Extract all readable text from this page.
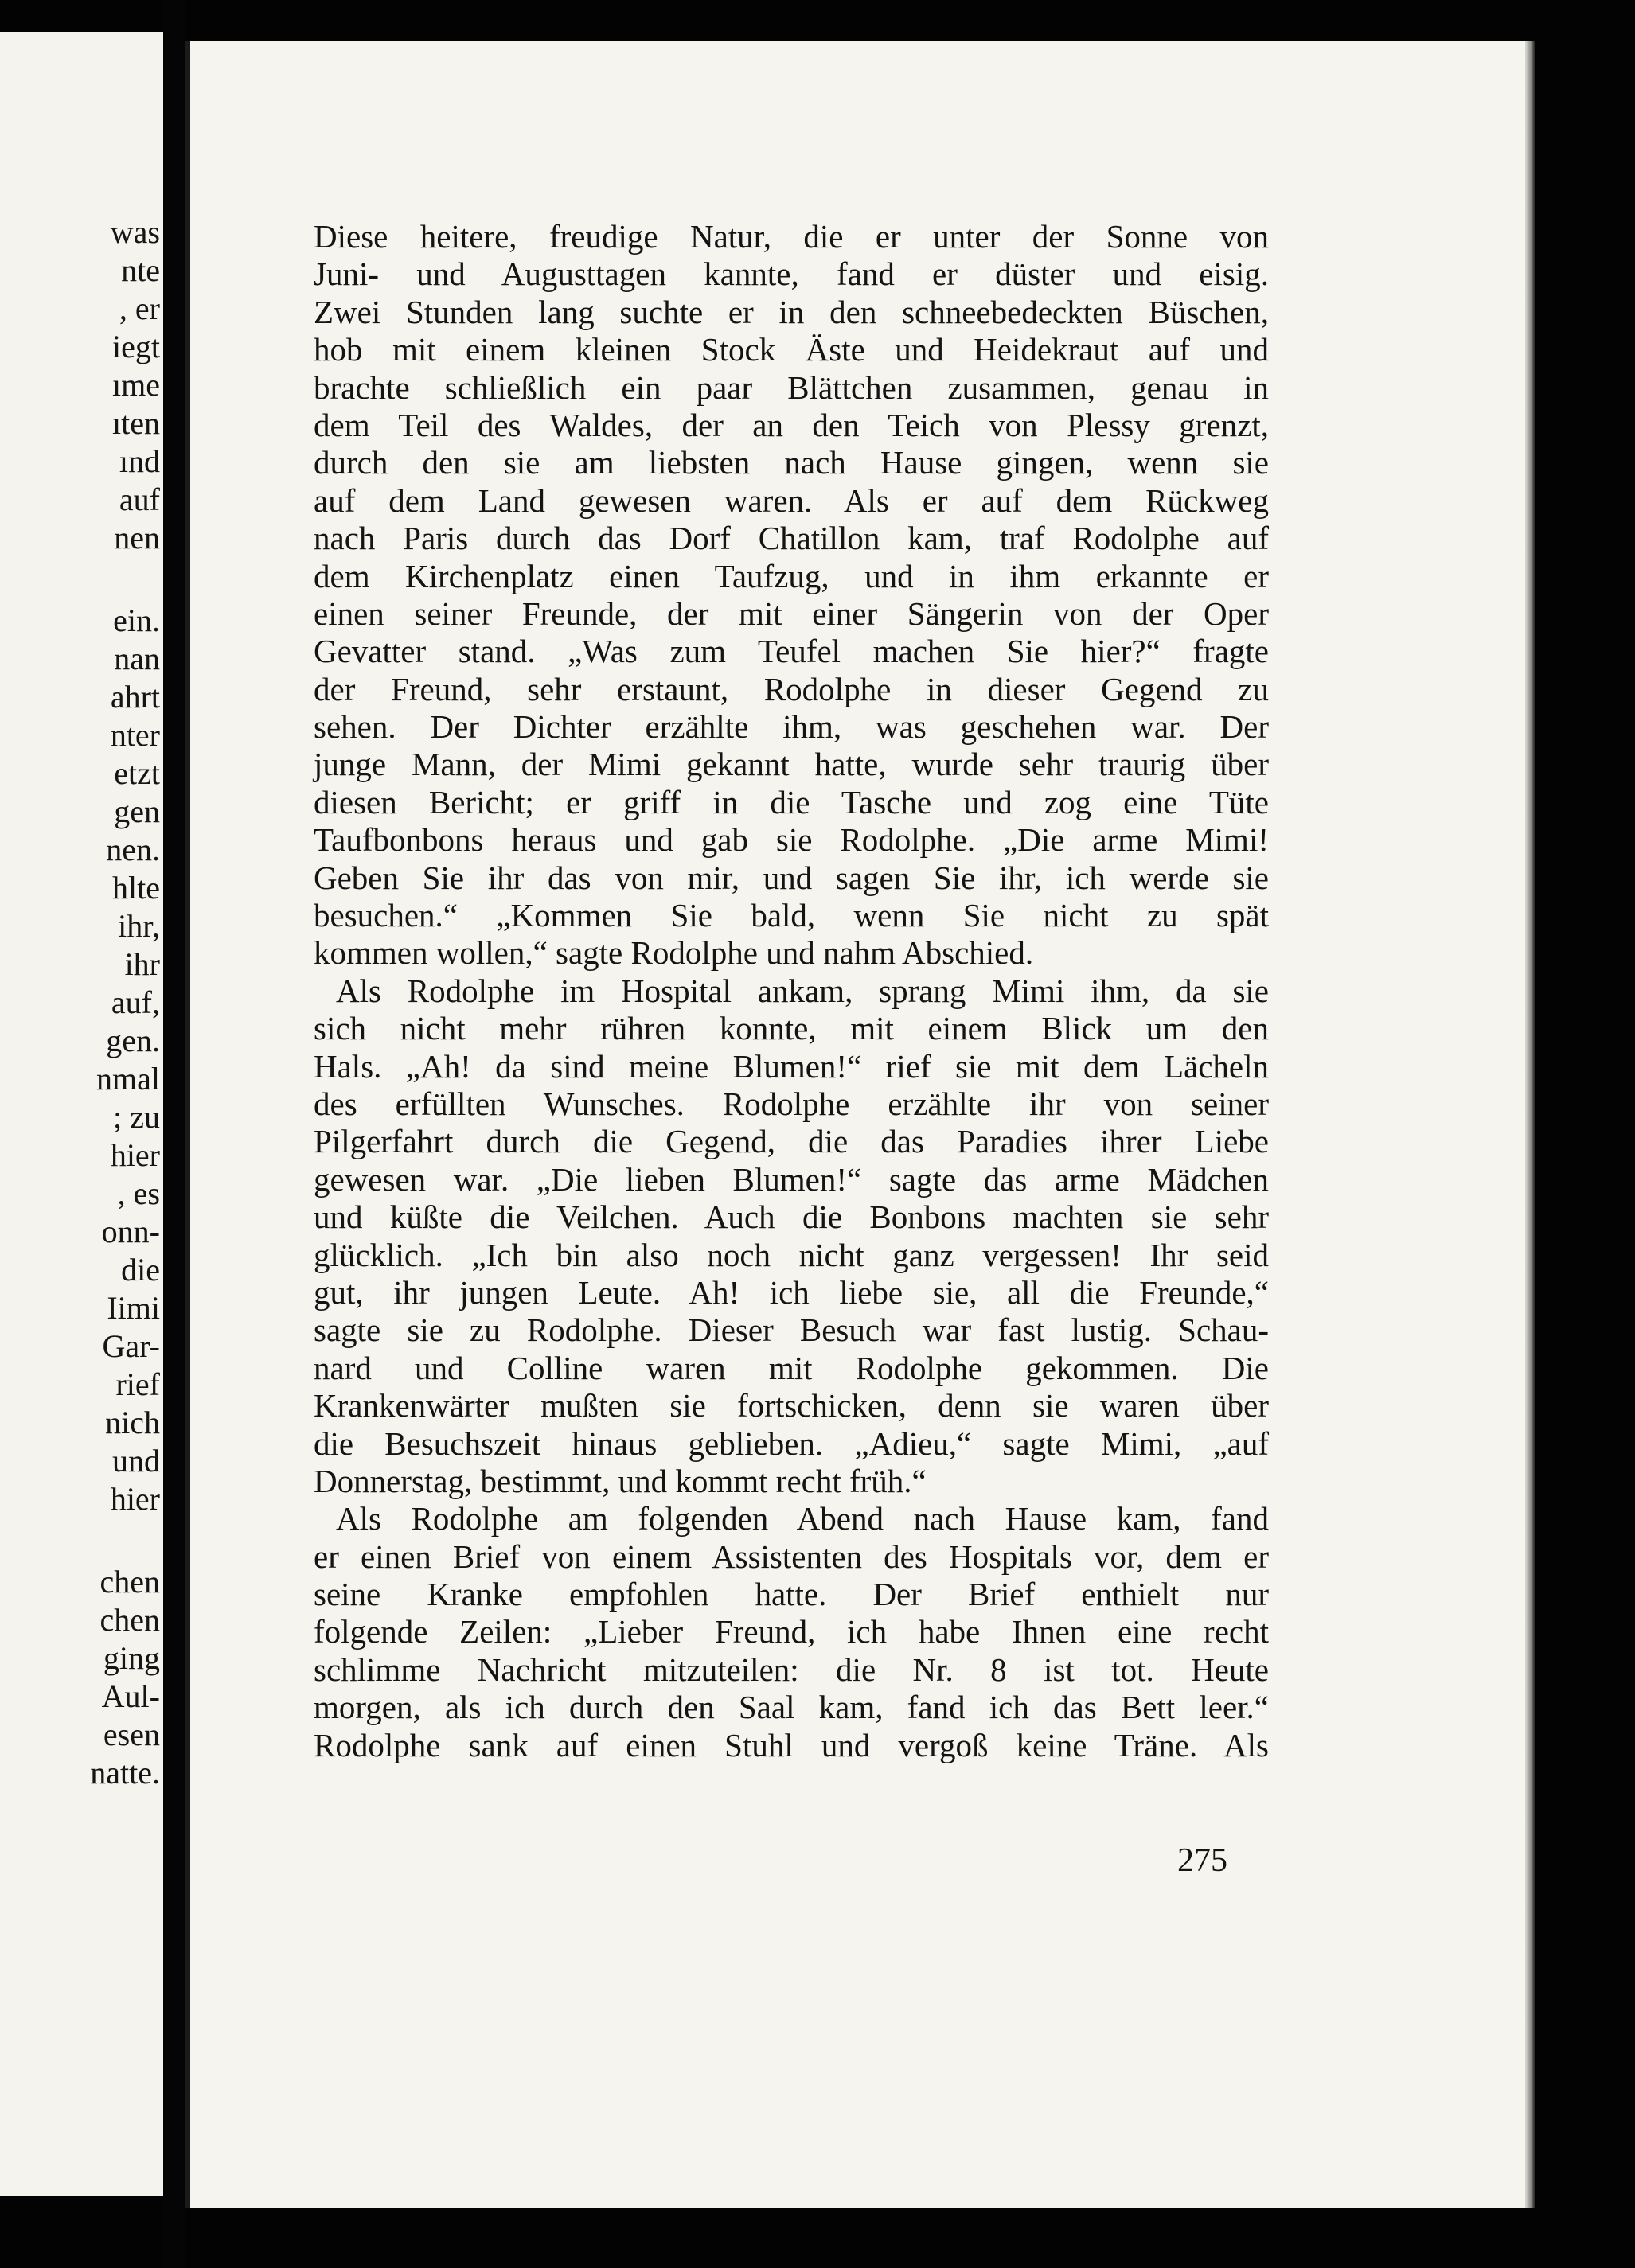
was
nte
, er
iegt
ıme
ıten
ınd
auf
nen
ein.
nan
ahrt
nter
etzt
gen
nen.
hlte
ihr,
ihr
auf,
gen.
nmal
; zu
hier
, es
onn-
die
Iimi
Gar-
rief
nich
und
hier
chen
chen
ging
Aul-
esen
natte.
Diese heitere, freudige Natur, die er unter der Sonne von
Juni- und Augusttagen kannte, fand er düster und eisig.
Zwei Stunden lang suchte er in den schneebedeckten Büschen,
hob mit einem kleinen Stock Äste und Heidekraut auf und
brachte schließlich ein paar Blättchen zusammen, genau in
dem Teil des Waldes, der an den Teich von Plessy grenzt,
durch den sie am liebsten nach Hause gingen, wenn sie
auf dem Land gewesen waren. Als er auf dem Rückweg
nach Paris durch das Dorf Chatillon kam, traf Rodolphe auf
dem Kirchenplatz einen Taufzug, und in ihm erkannte er
einen seiner Freunde, der mit einer Sängerin von der Oper
Gevatter stand. „Was zum Teufel machen Sie hier?“ fragte
der Freund, sehr erstaunt, Rodolphe in dieser Gegend zu
sehen. Der Dichter erzählte ihm, was geschehen war. Der
junge Mann, der Mimi gekannt hatte, wurde sehr traurig über
diesen Bericht; er griff in die Tasche und zog eine Tüte
Taufbonbons heraus und gab sie Rodolphe. „Die arme Mimi!
Geben Sie ihr das von mir, und sagen Sie ihr, ich werde sie
besuchen.“ „Kommen Sie bald, wenn Sie nicht zu spät
kommen wollen,“ sagte Rodolphe und nahm Abschied.
Als Rodolphe im Hospital ankam, sprang Mimi ihm, da sie
sich nicht mehr rühren konnte, mit einem Blick um den
Hals. „Ah! da sind meine Blumen!“ rief sie mit dem Lächeln
des erfüllten Wunsches. Rodolphe erzählte ihr von seiner
Pilgerfahrt durch die Gegend, die das Paradies ihrer Liebe
gewesen war. „Die lieben Blumen!“ sagte das arme Mädchen
und küßte die Veilchen. Auch die Bonbons machten sie sehr
glücklich. „Ich bin also noch nicht ganz vergessen! Ihr seid
gut, ihr jungen Leute. Ah! ich liebe sie, all die Freunde,“
sagte sie zu Rodolphe. Dieser Besuch war fast lustig. Schau-
nard und Colline waren mit Rodolphe gekommen. Die
Krankenwärter mußten sie fortschicken, denn sie waren über
die Besuchszeit hinaus geblieben. „Adieu,“ sagte Mimi, „auf
Donnerstag, bestimmt, und kommt recht früh.“
Als Rodolphe am folgenden Abend nach Hause kam, fand
er einen Brief von einem Assistenten des Hospitals vor, dem er
seine Kranke empfohlen hatte. Der Brief enthielt nur
folgende Zeilen: „Lieber Freund, ich habe Ihnen eine recht
schlimme Nachricht mitzuteilen: die Nr. 8 ist tot. Heute
morgen, als ich durch den Saal kam, fand ich das Bett leer.“
Rodolphe sank auf einen Stuhl und vergoß keine Träne. Als
275
